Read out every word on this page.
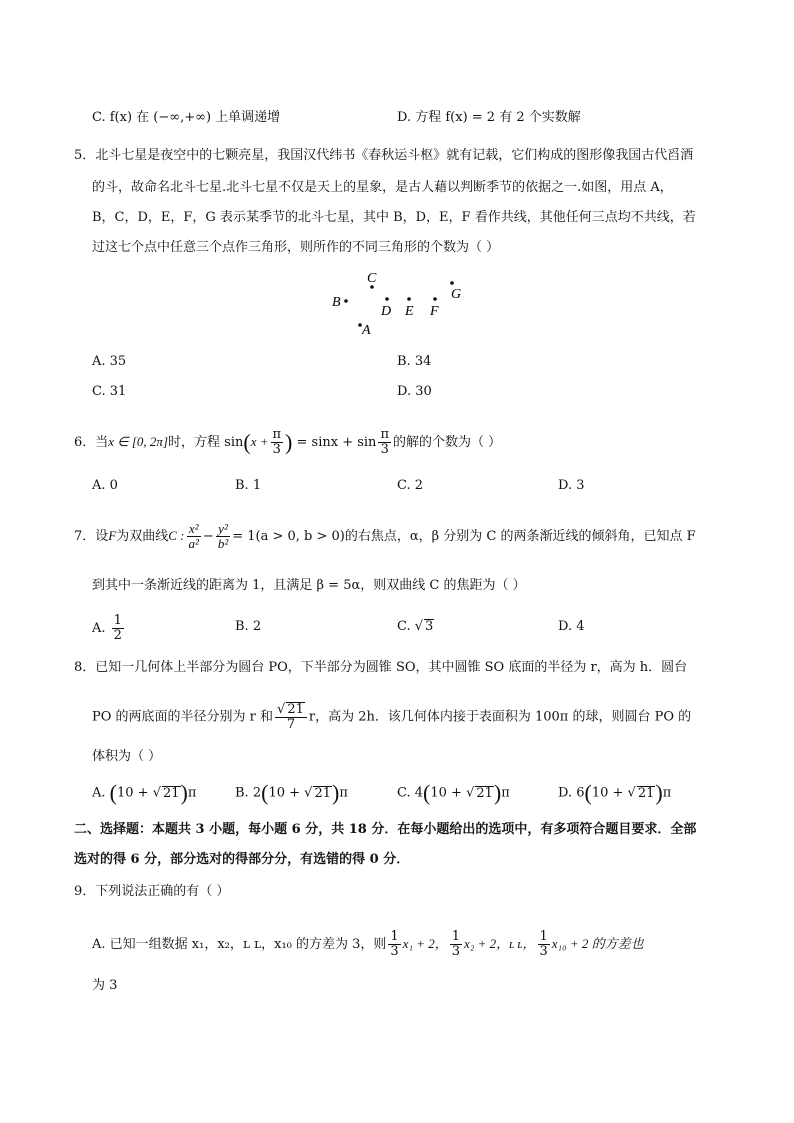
C. f(x) 在 (−∞,+∞) 上单调递增	D. 方程 f(x) = 2 有 2 个实数解
5．北斗七星是夜空中的七颗亮星，我国汉代纬书《春秋运斗枢》就有记载，它们构成的图形像我国古代舀酒
的斗，故命名北斗七星.北斗七星不仅是天上的星象，是古人藉以判断季节的依据之一.如图，用点 A，
B，C，D，E，F，G 表示某季节的北斗七星，其中 B，D，E，F 看作共线，其他任何三点均不共线，若
过这七个点中任意三个点作三角形，则所作的不同三角形的个数为（ ）
C
G
B
D E F
A
A. 35	B. 34
C. 31	D. 30
6．当x ∈ [0, 2π]时，方程 $\sin(x + \frac{\pi}{3}$ ) = $\sin x + \sin \frac{\pi}{3}$ 的解的个数为（ ）
A. 0	B. 1	C. 2	D. 3
7．设F为双曲线C : $\frac{\text{x²}}{\text{a²}} - \frac{\text{y²}}{\text{b²}} = 1(a > 0$, b > 0)的右焦点，α，β 分别为 C 的两条渐近线的倾斜角，已知点 F
到其中一条渐近线的距离为 1，且满足 β = 5α，则双曲线 C 的焦距为（ ）
A. $\frac{1}{2}$	B. 2	C. √ 3	D. 4
8．已知一几何体上半部分为圆台 PO，下半部分为圆锥 SO，其中圆锥 SO 底面的半径为 r，高为 h．圆台
PO 的两底面的半径分别为 r 和 $\frac{√ 21}{7}$ r，高为 2h．该几何体内接于表面积为 100π 的球，则圆台 PO 的
体积为（ ）
A. (10 + √ 21)π	B. 2(10 + √ 21)π	C. 4(10 + √ 21)π	D. 6(10 + √ 21)π
二、选择题：本题共 3 小题，每小题 6 分，共 18 分．在每小题给出的选项中，有多项符合题目要求．全部
选对的得 6 分，部分选对的得部分分，有选错的得 0 分．
9．下列说法正确的有（ ）
A. 已知一组数据 x₁，x₂，ʟ ʟ，x₁₀ 的方差为 3，则 $\frac{1}{3} x_1 + 2$， $\frac{1}{3} x_2 + 2$，ʟ ʟ， $\frac{1}{3} x_{10} + 2$ 的方差也
为 3
